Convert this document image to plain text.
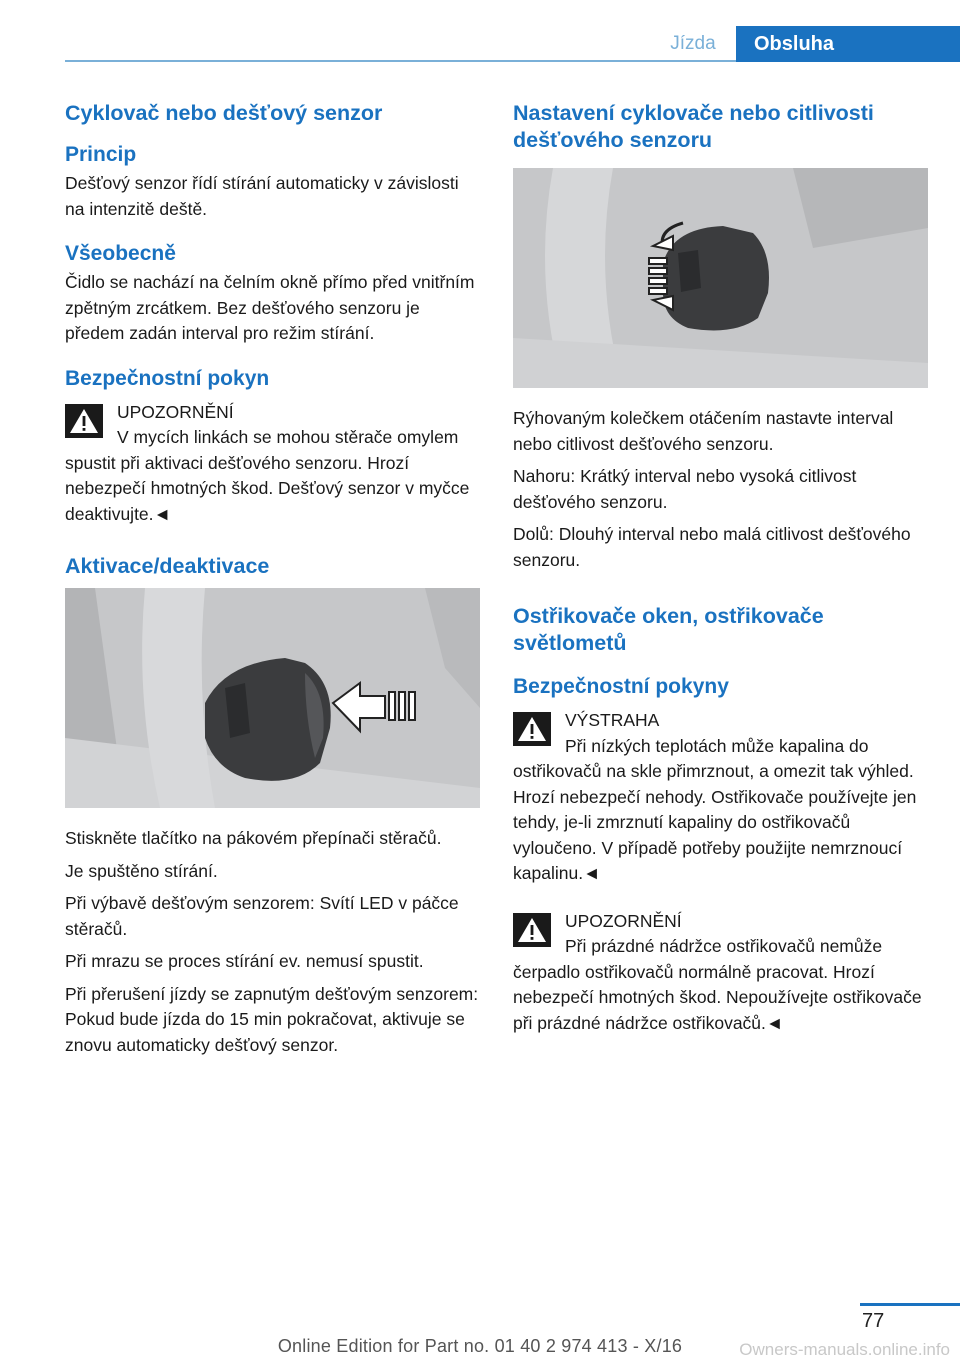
Jízda	Obsluha
Cyklovač nebo dešťový senzor
Princip
Dešťový senzor řídí stírání automaticky v závislosti na intenzitě deště.
Všeobecně
Čidlo se nachází na čelním okně přímo před vnitřním zpětným zrcátkem. Bez dešťového senzoru je předem zadán interval pro režim stírání.
Bezpečnostní pokyn
UPOZORNĚNÍ
V mycích linkách se mohou stěrače omylem spustit při aktivaci dešťového senzoru. Hrozí nebezpečí hmotných škod. Dešťový senzor v myčce deaktivujte.◄
Aktivace/deaktivace
Stiskněte tlačítko na pákovém přepínači stěračů.
Je spuštěno stírání.
Při výbavě dešťovým senzorem: Svítí LED v páčce stěračů.
Při mrazu se proces stírání ev. nemusí spustit.
Při přerušení jízdy se zapnutým dešťovým senzorem: Pokud bude jízda do 15 min pokračovat, aktivuje se znovu automaticky dešťový senzor.
Nastavení cyklovače nebo citlivosti dešťového senzoru
Rýhovaným kolečkem otáčením nastavte interval nebo citlivost dešťového senzoru.
Nahoru: Krátký interval nebo vysoká citlivost dešťového senzoru.
Dolů: Dlouhý interval nebo malá citlivost dešťového senzoru.
Ostřikovače oken, ostřikovače světlometů
Bezpečnostní pokyny
VÝSTRAHA
Při nízkých teplotách může kapalina do ostřikovačů na skle přimrznout, a omezit tak výhled. Hrozí nebezpečí nehody. Ostřikovače používejte jen tehdy, je-li zmrznutí kapaliny do ostřikovačů vyloučeno. V případě potřeby použijte nemrznoucí kapalinu.◄
UPOZORNĚNÍ
Při prázdné nádržce ostřikovačů nemůže čerpadlo ostřikovačů normálně pracovat. Hrozí nebezpečí hmotných škod. Nepoužívejte ostřikovače při prázdné nádržce ostřikovačů.◄
77
Online Edition for Part no. 01 40 2 974 413 - X/16	Owners-manuals.online.info
